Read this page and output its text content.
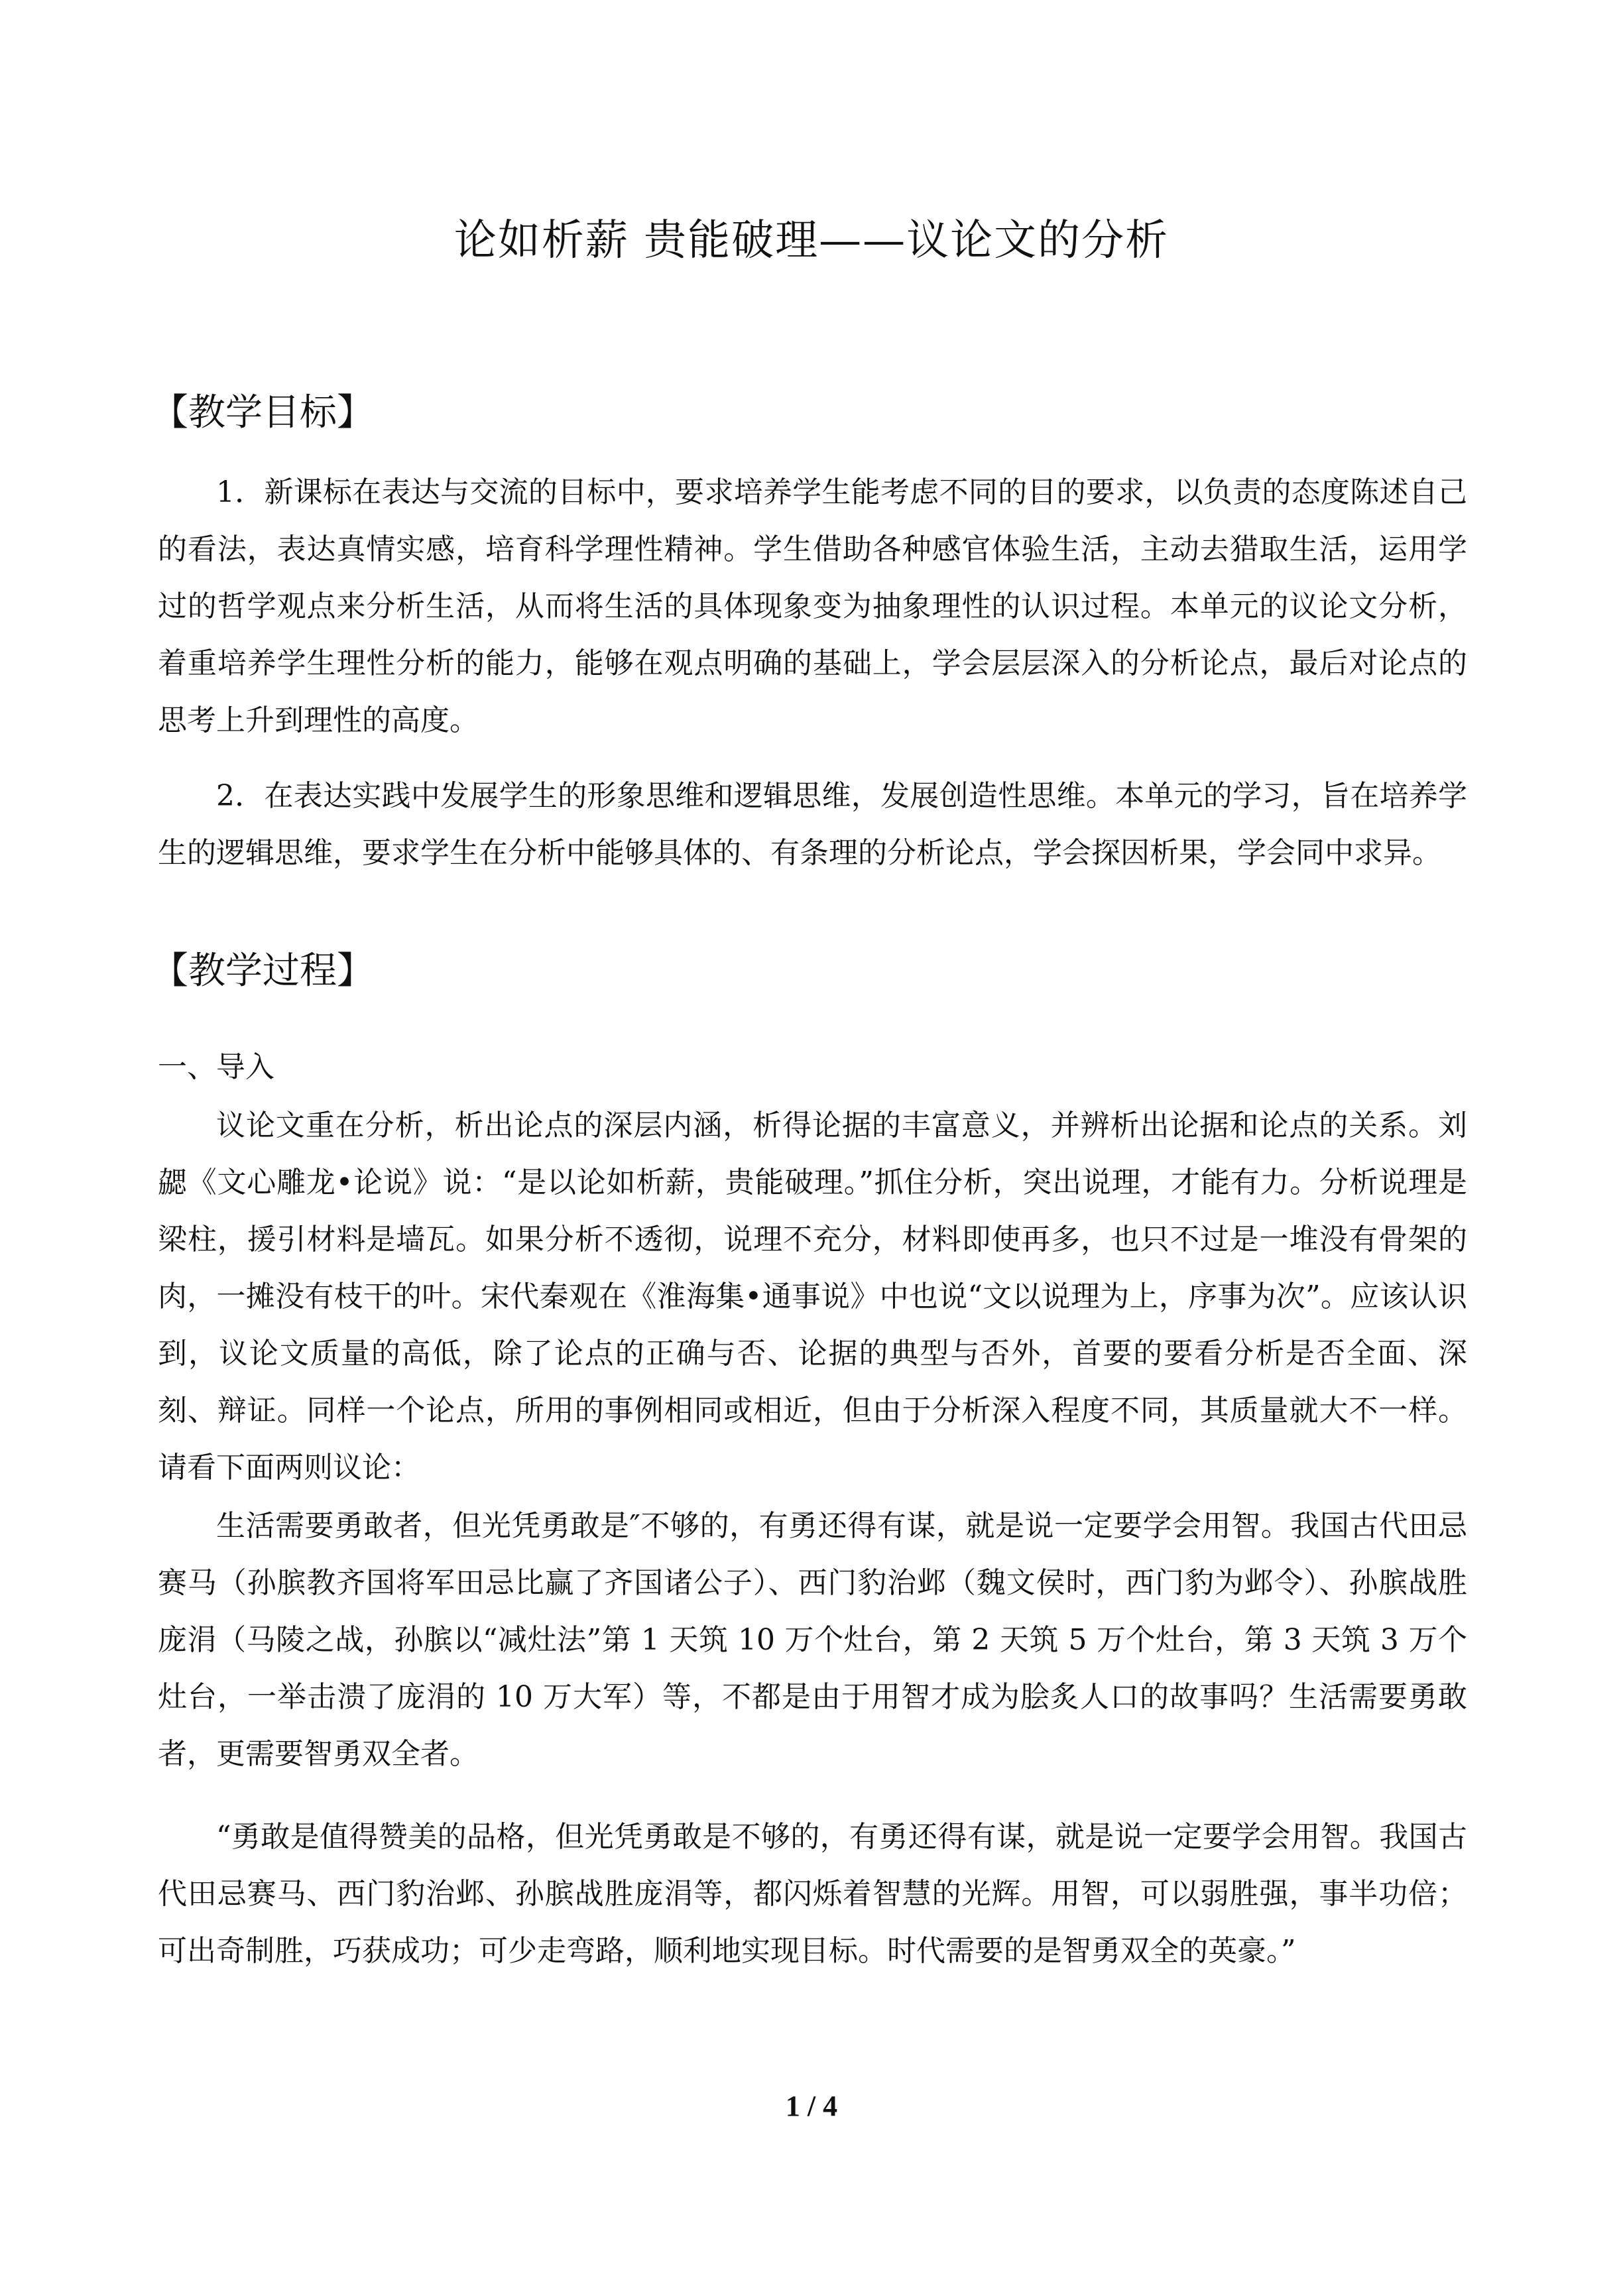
论如析薪 贵能破理——议论文的分析
【教学目标】

1．新课标在表达与交流的目标中，要求培养学生能考虑不同的目的要求，以负责的态度陈述自己的看法，表达真情实感，培育科学理性精神。学生借助各种感官体验生活，主动去猎取生活，运用学过的哲学观点来分析生活，从而将生活的具体现象变为抽象理性的认识过程。本单元的议论文分析，着重培养学生理性分析的能力，能够在观点明确的基础上，学会层层深入的分析论点，最后对论点的思考上升到理性的高度。

2．在表达实践中发展学生的形象思维和逻辑思维，发展创造性思维。本单元的学习，旨在培养学生的逻辑思维，要求学生在分析中能够具体的、有条理的分析论点，学会探因析果，学会同中求异。

【教学过程】
一、导入

议论文重在分析，析出论点的深层内涵，析得论据的丰富意义，并辨析出论据和论点的关系。刘勰《文心雕龙•论说》说：“是以论如析薪，贵能破理。”抓住分析，突出说理，才能有力。分析说理是梁柱，援引材料是墙瓦。如果分析不透彻，说理不充分，材料即使再多，也只不过是一堆没有骨架的肉，一摊没有枝干的叶。宋代秦观在《淮海集•通事说》中也说“文以说理为上，序事为次”。应该认识到，议论文质量的高低，除了论点的正确与否、论据的典型与否外，首要的要看分析是否全面、深刻、辩证。同样一个论点，所用的事例相同或相近，但由于分析深入程度不同，其质量就大不一样。请看下面两则议论：

生活需要勇敢者，但光凭勇敢是″不够的，有勇还得有谋，就是说一定要学会用智。我国古代田忌赛马（孙膑教齐国将军田忌比赢了齐国诸公子）、西门豹治邺（魏文侯时，西门豹为邺令）、孙膑战胜庞涓（马陵之战，孙膑以“减灶法”第 1 天筑 10 万个灶台，第 2 天筑 5 万个灶台，第 3 天筑 3 万个灶台，一举击溃了庞涓的 10 万大军）等，不都是由于用智才成为脍炙人口的故事吗？生活需要勇敢者，更需要智勇双全者。

“勇敢是值得赞美的品格，但光凭勇敢是不够的，有勇还得有谋，就是说一定要学会用智。我国古代田忌赛马、西门豹治邺、孙膑战胜庞涓等，都闪烁着智慧的光辉。用智，可以弱胜强，事半功倍；可出奇制胜，巧获成功；可少走弯路，顺利地实现目标。时代需要的是智勇双全的英豪。”

1 / 4
